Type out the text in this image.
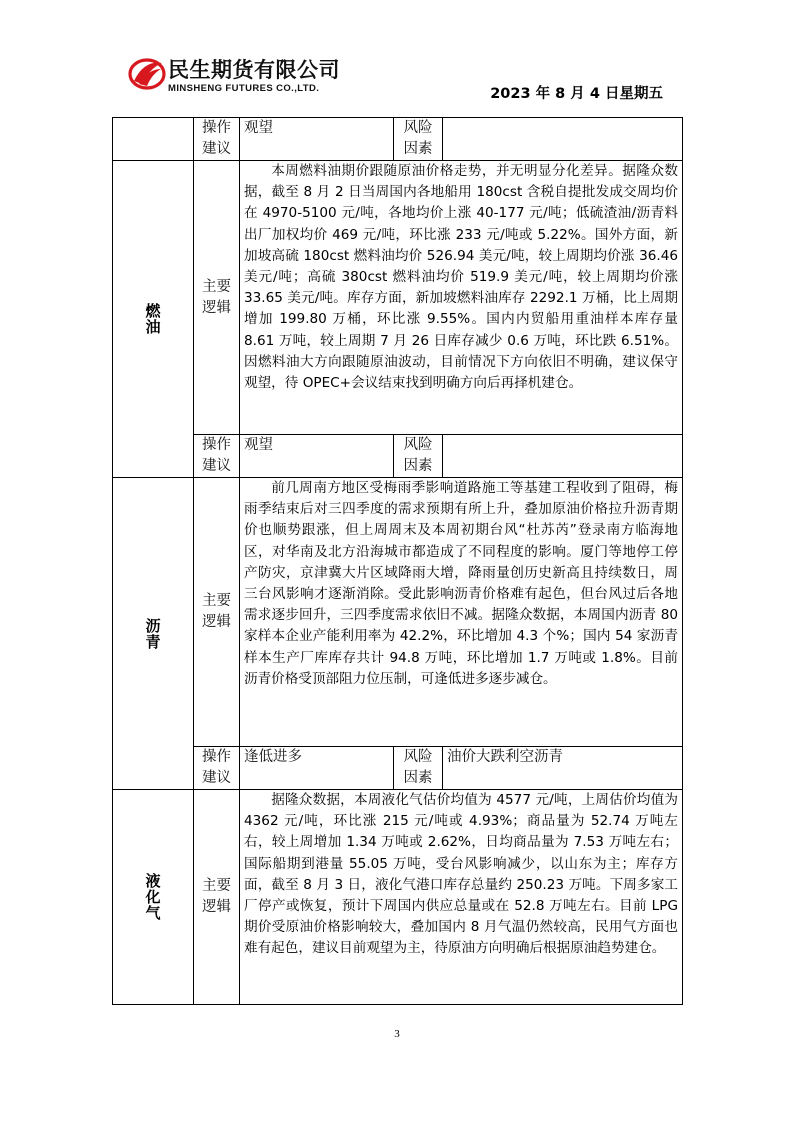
民生期货有限公司
MINSHENG FUTURES CO.,LTD.	2023 年 8 月 4 日星期五
	操作建议	观望	风险因素	
燃油	主要逻辑	本周燃料油期价跟随原油价格走势，并无明显分化差异。据隆众数据，截至 8 月 2 日当周国内各地船用 180cst 含税自提批发成交周均价在 4970-5100 元/吨，各地均价上涨 40-177 元/吨；低硫渣油/沥青料出厂加权均价 469 元/吨，环比涨 233 元/吨或 5.22%。国外方面，新加坡高硫 180cst 燃料油均价 526.94 美元/吨，较上周期均价涨 36.46 美元/吨；高硫 380cst 燃料油均价 519.9 美元/吨，较上周期均价涨 33.65 美元/吨。库存方面，新加坡燃料油库存 2292.1 万桶，比上周期增加 199.80 万桶，环比涨 9.55%。国内内贸船用重油样本库存量 8.61 万吨，较上周期 7 月 26 日库存减少 0.6 万吨，环比跌 6.51%。因燃料油大方向跟随原油波动，目前情况下方向依旧不明确，建议保守观望，待 OPEC+会议结束找到明确方向后再择机建仓。		

	操作建议	观望	风险因素	
沥青	主要逻辑	前几周南方地区受梅雨季影响道路施工等基建工程收到了阻碍，梅雨季结束后对三四季度的需求预期有所上升，叠加原油价格拉升沥青期价也顺势跟涨，但上周周末及本周初期台风“杜苏芮”登录南方临海地区，对华南及北方沿海城市都造成了不同程度的影响。厦门等地停工停产防灾，京津冀大片区域降雨大增，降雨量创历史新高且持续数日，周三台风影响才逐渐消除。受此影响沥青价格难有起色，但台风过后各地需求逐步回升，三四季度需求依旧不减。据隆众数据，本周国内沥青 80 家样本企业产能利用率为 42.2%，环比增加 4.3 个%；国内 54 家沥青样本生产厂库库存共计 94.8 万吨，环比增加 1.7 万吨或 1.8%。目前沥青价格受顶部阻力位压制，可逢低进多逐步减仓。		

	操作建议	逢低进多	风险因素	油价大跌利空沥青
液化气	主要逻辑	据隆众数据，本周液化气估价均值为 4577 元/吨，上周估价均值为 4362 元/吨，环比涨 215 元/吨或 4.93%；商品量为 52.74 万吨左右，较上周增加 1.34 万吨或 2.62%，日均商品量为 7.53 万吨左右；国际船期到港量 55.05 万吨，受台风影响减少，以山东为主；库存方面，截至 8 月 3 日，液化气港口库存总量约 250.23 万吨。下周多家工厂停产或恢复，预计下周国内供应总量或在 52.8 万吨左右。目前 LPG 期价受原油价格影响较大，叠加国内 8 月气温仍然较高，民用气方面也难有起色，建议目前观望为主，待原油方向明确后根据原油趋势建仓。		

3
